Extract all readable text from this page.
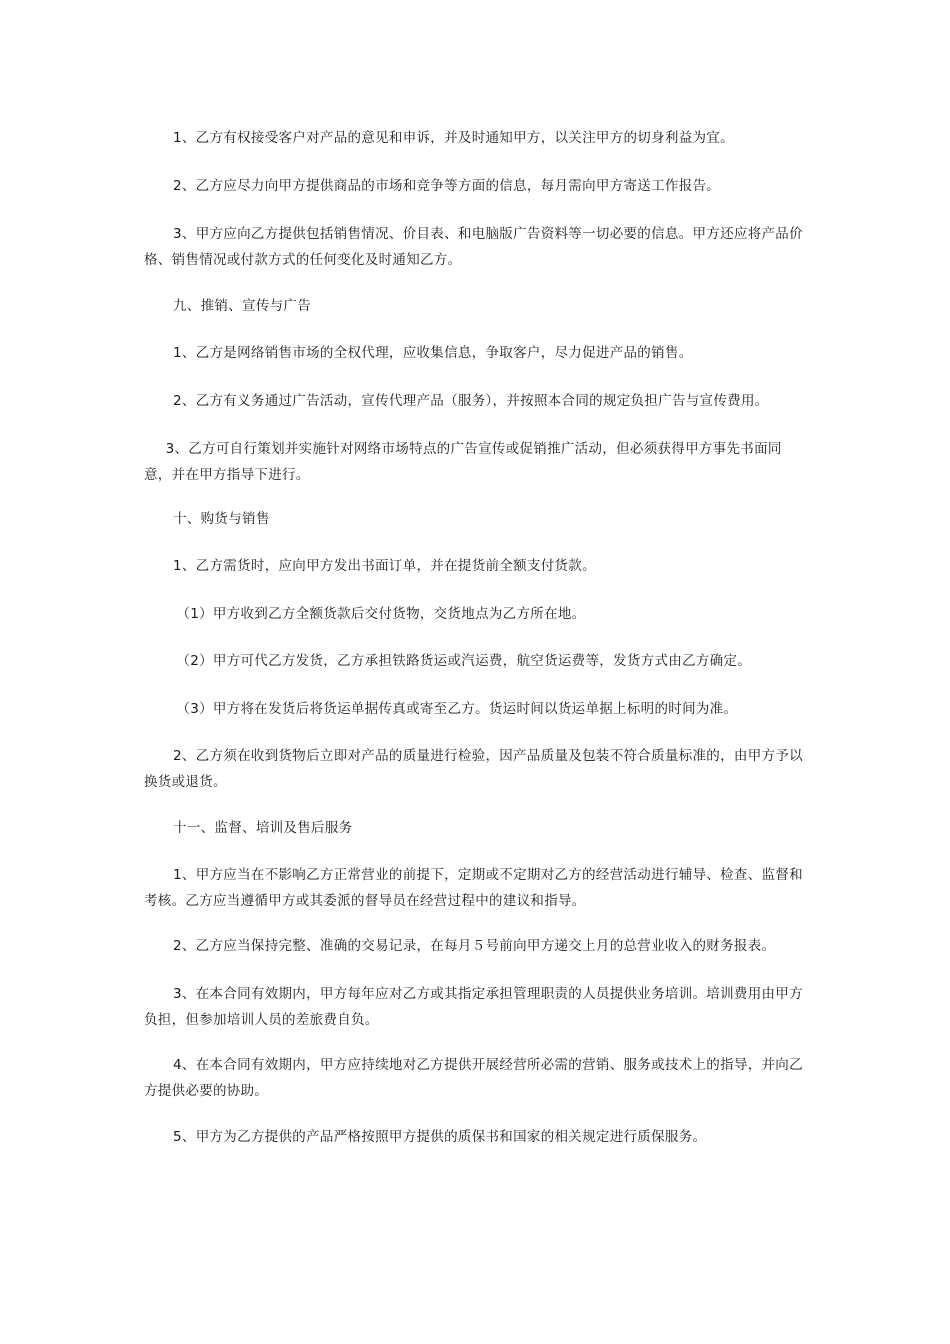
1、乙方有权接受客户对产品的意见和申诉，并及时通知甲方，以关注甲方的切身利益为宜。

2、乙方应尽力向甲方提供商品的市场和竞争等方面的信息，每月需向甲方寄送工作报告。

3、甲方应向乙方提供包括销售情况、价目表、和电脑版广告资料等一切必要的信息。甲方还应将产品价格、销售情况或付款方式的任何变化及时通知乙方。

九、推销、宣传与广告

1、乙方是网络销售市场的全权代理，应收集信息，争取客户，尽力促进产品的销售。

2、乙方有义务通过广告活动，宣传代理产品（服务），并按照本合同的规定负担广告与宣传费用。

3、乙方可自行策划并实施针对网络市场特点的广告宣传或促销推广活动，但必须获得甲方事先书面同意，并在甲方指导下进行。

十、购货与销售

1、乙方需货时，应向甲方发出书面订单，并在提货前全额支付货款。

（1）甲方收到乙方全额货款后交付货物，交货地点为乙方所在地。

（2）甲方可代乙方发货，乙方承担铁路货运或汽运费，航空货运费等，发货方式由乙方确定。

（3）甲方将在发货后将货运单据传真或寄至乙方。货运时间以货运单据上标明的时间为准。

2、乙方须在收到货物后立即对产品的质量进行检验，因产品质量及包装不符合质量标准的，由甲方予以换货或退货。

十一、监督、培训及售后服务

1、甲方应当在不影响乙方正常营业的前提下，定期或不定期对乙方的经营活动进行辅导、检查、监督和考核。乙方应当遵循甲方或其委派的督导员在经营过程中的建议和指导。

2、乙方应当保持完整、准确的交易记录，在每月５号前向甲方递交上月的总营业收入的财务报表。

3、在本合同有效期内，甲方每年应对乙方或其指定承担管理职责的人员提供业务培训。培训费用由甲方负担，但参加培训人员的差旅费自负。

4、在本合同有效期内，甲方应持续地对乙方提供开展经营所必需的营销、服务或技术上的指导，并向乙方提供必要的协助。

5、甲方为乙方提供的产品严格按照甲方提供的质保书和国家的相关规定进行质保服务。
